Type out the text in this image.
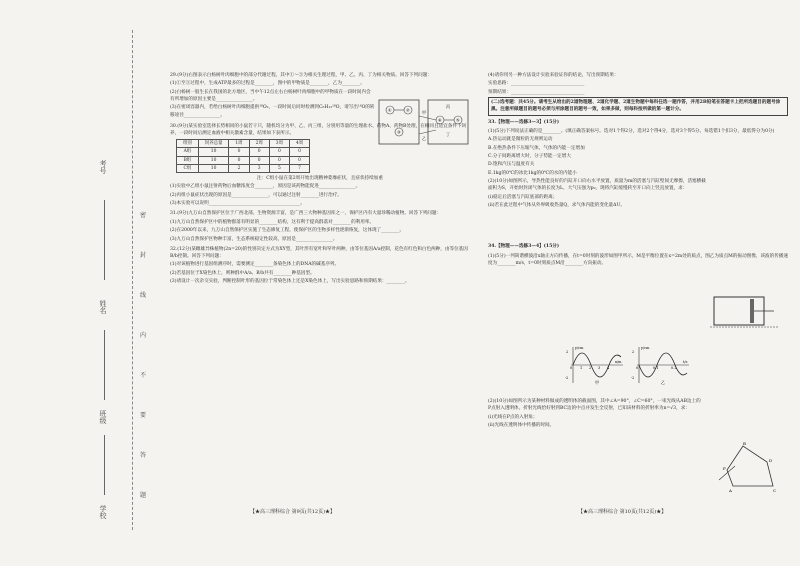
考号
姓名
班级
学校
密
封
线
内
不
要
答
题

29.(9分)右图表示白杨树叶肉细胞中的部分代谢过程，其中①～⑤为相关生理过程，甲、乙、丙、丁为相关物质。回答下列问题：

(1)①至⑤过程中，生成ATP最多的过程是________，图中的甲物质是________，乙为________。

(2)白杨树一般生长在我国的北方地区，当中午12点左右白杨树叶肉细胞中的甲物质在一段时间内会有所增加的原因主要是________________。

(3)在密闭容器内，若给白杨树叶肉细胞提供¹⁸O₂，一段时间后同时检测到C₆H₁₂¹⁸O，请写出¹⁸O的转移途径________________。

30.(9分)某实验室选择长势相同的小鼠若干只，随机均分为甲、乙、丙三组，分别用等量的生理盐水、药物A、药物B处理，在相同且适宜条件下饲养，一段时间后测定血液中相关激素含量，结果如下表所示。

组别	饲养总量	1周	2周	3周	4周
A组	10	0	0	0	0
B组	10	0	0	0	0
C组	10	2	3	5	7

注：C组小鼠在第2周开始出现精神萎靡症状，且症状持续加重

(1)实验中乙组小鼠注射药物后血糖浓度会________，原因是该药物能促进________________。

(2)丙组小鼠症状出现的原因是________________，可以通过注射________进行治疗。

(3)本实验可以说明________________________________________。

31.(9分)九万山自然保护区位于广西北部，生物资源丰富，是广西三大物种基因库之一，保护区内有大量珍稀动植物。回答下列问题：

(1)九万山自然保护区中的植物群落有明显的________结构，这有利于提高群落对________的利用率。

(2)在2000年以来，九万山自然保护区实施了生态修复工程，使保护区的生物多样性逐渐恢复，这体现了________。

(3)九万山自然保护区物种丰富，生态系统稳定性较高，原因是________________。

32.(12分)某雌雄异株植物(2n=20)的性别决定方式为XY型，其叶形有宽叶和窄叶两种，由等位基因A/a控制，花色有红色和白色两种，由等位基因B/b控制。回答下列问题：

(1)对该植物进行基因组测序时，需要测定________条染色体上的DNA的碱基序列。

(2)若基因位于X染色体上，则种群中A/a、B/b共有________种基因型。

(3)请设计一次杂交实验，判断控制叶形的基因位于常染色体上还是X染色体上，写出实验思路和预期结果：________。

①	②
③
④	⑤
甲
乙
丙
丁
【★高三理科综合 第9页(共12页)★】

(4)请你用另一种方法设计实验来验证你的结论，写出预期结果：

实验思路：________________________________

预期结果：________________________________

(二)选考题：共45分。请考生从给出的2道物理题、2道化学题、2道生物题中每科任选一题作答，并用2B铅笔在答题卡上把所选题目的题号涂黑。注意所做题目的题号必须与所涂题目的题号一致，如果多做，则每科按所做的第一题计分。

33.【物理——选修3—3】(15分)

(1)(5分)下列说法正确的是________。(填正确答案标号。选对1个得2分，选对2个得4分，选对3个得5分。每选错1个扣3分，最低得分为0分)

A.热运动就是微粒的无规则运动

B.在绝热条件下压缩气体，气体的内能一定增加

C.分子间距离增大时，分子势能一定增大

D.饱和汽压与温度有关

E.1kg的0℃的冰比1kg的0℃的水的内能小

(2)(10分)如图所示，导热性能良好的汽缸开口向右水平放置，质量为m的活塞与汽缸壁间无摩擦，活塞横截面积为S，开始时封闭气体的长度为L，大气压强为p₀，现将汽缸缓慢转至开口向上竖直放置，求：

(i)稳定后活塞与汽缸底部的距离；

(ii)若在此过程中气体从外界吸收热量Q，求气体内能的变化量ΔU。

34.【物理——选修3—4】(15分)

(1)(5分)一列简谐横波沿x轴正方向传播，在t=0时刻的波形如图甲所示，M是平衡位置在x=2m处的质点，图乙为质点M的振动图像，该波的传播速度为________m/s，t=0时刻质点M沿________方向振动。

2
-2
0 1 2 3 4
x/m
y/cm
甲
2
-2
0	0.1	0.2
t/s
y/cm
乙

(2)(10分)如图所示为某种材料做成的透明体的截面图，其中∠A=90°，∠C=60°，一束光线从AB边上的P点射入透明体，折射光线恰好射到BC边的中点并发生全反射，已知该材料的折射率为n=√3，求：

(i)光线在P点的入射角；

(ii)光线在透明体中传播的时间。

B
A	C
D
P
【★高三理科综合 第10页(共12页)★】
